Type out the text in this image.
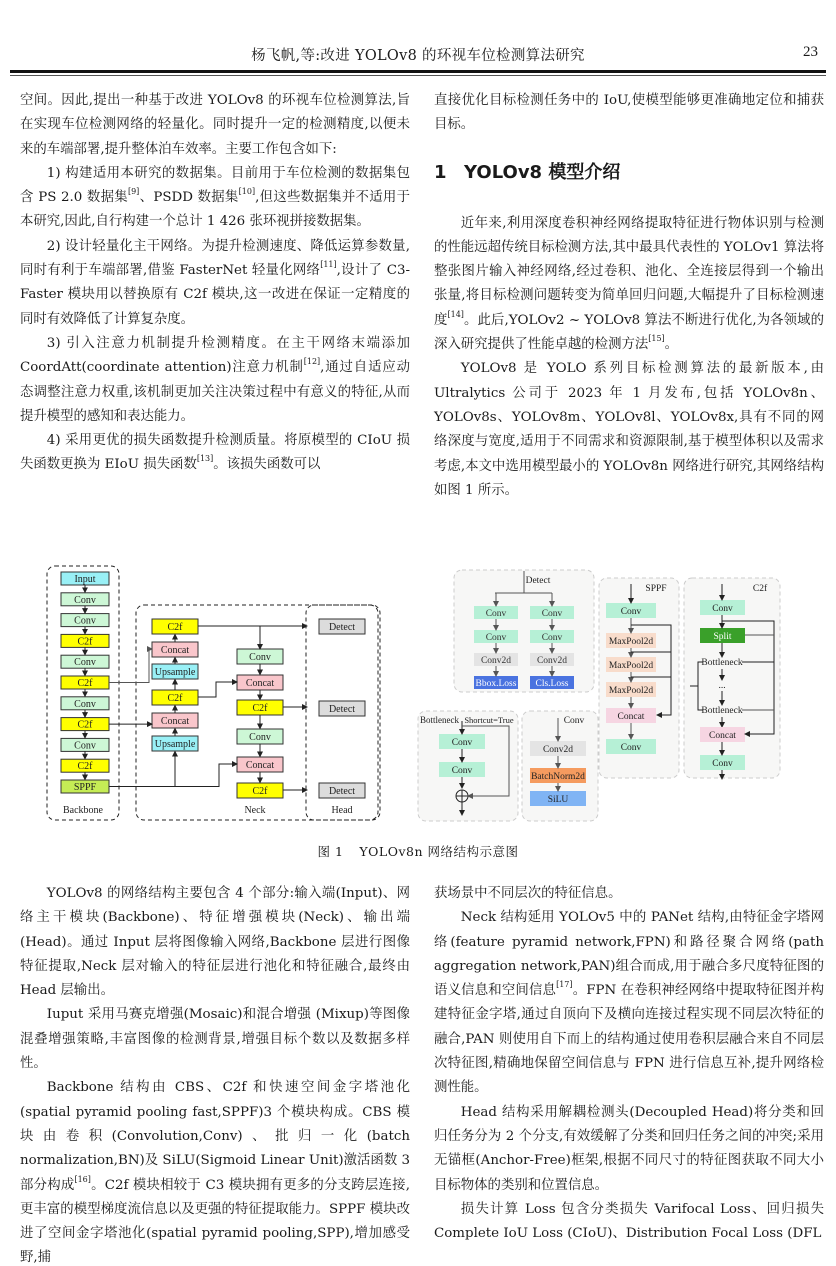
杨飞帆,等:改进 YOLOv8 的环视车位检测算法研究	23

空间。因此,提出一种基于改进 YOLOv8 的环视车位检测算法,旨在实现车位检测网络的轻量化。同时提升一定的检测精度,以便未来的车端部署,提升整体泊车效率。主要工作包含如下:

1) 构建适用本研究的数据集。目前用于车位检测的数据集包含 PS 2.0 数据集[9]、PSDD 数据集[10],但这些数据集并不适用于本研究,因此,自行构建一个总计 1 426 张环视拼接数据集。

2) 设计轻量化主干网络。为提升检测速度、降低运算参数量,同时有利于车端部署,借鉴 FasterNet 轻量化网络[11],设计了 C3-Faster 模块用以替换原有 C2f 模块,这一改进在保证一定精度的同时有效降低了计算复杂度。

3) 引入注意力机制提升检测精度。在主干网络末端添加 CoordAtt(coordinate attention)注意力机制[12],通过自适应动态调整注意力权重,该机制更加关注决策过程中有意义的特征,从而提升模型的感知和表达能力。

4) 采用更优的损失函数提升检测质量。将原模型的 CIoU 损失函数更换为 EIoU 损失函数[13]。该损失函数可以

直接优化目标检测任务中的 IoU,使模型能够更准确地定位和捕获目标。

1 YOLOv8 模型介绍

近年来,利用深度卷积神经网络提取特征进行物体识别与检测的性能远超传统目标检测方法,其中最具代表性的 YOLOv1 算法将整张图片输入神经网络,经过卷积、池化、全连接层得到一个输出张量,将目标检测问题转变为简单回归问题,大幅提升了目标检测速度[14]。此后,YOLOv2 ~ YOLOv8 算法不断进行优化,为各领域的深入研究提供了性能卓越的检测方法[15]。

YOLOv8 是 YOLO 系列目标检测算法的最新版本,由 Ultralytics 公司于 2023 年 1 月发布,包括 YOLOv8n、YOLOv8s、YOLOv8m、YOLOv8l、YOLOv8x,具有不同的网络深度与宽度,适用于不同需求和资源限制,基于模型体积以及需求考虑,本文中选用模型最小的 YOLOv8n 网络进行研究,其网络结构如图 1 所示。

Input
Conv
Conv
C2f
Conv
C2f
Conv
C2f
Conv
C2f
SPPF
Backbone	Neck
C2f
Concat
Upsample
C2f
Concat
Upsample
Conv
Concat
C2f
Conv
Concat
C2f
Detect
Detect
Detect
Head
Detect
Conv
Conv
Conv2d
Bbox.Loss
Conv
Conv
Conv2d
Cls.Loss
SPPF
Conv
MaxPool2d
MaxPool2d
MaxPool2d
Concat
Conv
C2f
Conv
Split
Bottleneck
...
Bottleneck
Concat
Conv
Bottleneck Shortcut=True
Conv
Conv
Conv
Conv2d
BatchNorm2d
SiLU
图 1 YOLOv8n 网络结构示意图

YOLOv8 的网络结构主要包含 4 个部分:输入端(Input)、网络主干模块(Backbone)、特征增强模块(Neck)、输出端(Head)。通过 Input 层将图像输入网络,Backbone 层进行图像特征提取,Neck 层对输入的特征层进行池化和特征融合,最终由 Head 层输出。

Iuput 采用马赛克增强(Mosaic)和混合增强 (Mixup)等图像混叠增强策略,丰富图像的检测背景,增强目标个数以及数据多样性。

Backbone 结构由 CBS、C2f 和快速空间金字塔池化(spatial pyramid pooling fast,SPPF)3 个模块构成。CBS 模块由卷积(Convolution,Conv)、批归一化(batch normalization,BN)及 SiLU(Sigmoid Linear Unit)激活函数 3 部分构成[16]。C2f 模块相较于 C3 模块拥有更多的分支跨层连接,更丰富的模型梯度流信息以及更强的特征提取能力。SPPF 模块改进了空间金字塔池化(spatial pyramid pooling,SPP),增加感受野,捕

获场景中不同层次的特征信息。

Neck 结构延用 YOLOv5 中的 PANet 结构,由特征金字塔网络(feature pyramid network,FPN)和路径聚合网络(path aggregation network,PAN)组合而成,用于融合多尺度特征图的语义信息和空间信息[17]。FPN 在卷积神经网络中提取特征图并构建特征金字塔,通过自顶向下及横向连接过程实现不同层次特征的融合,PAN 则使用自下而上的结构通过使用卷积层融合来自不同层次特征图,精确地保留空间信息与 FPN 进行信息互补,提升网络检测性能。

Head 结构采用解耦检测头(Decoupled Head)将分类和回归任务分为 2 个分支,有效缓解了分类和回归任务之间的冲突;采用无锚框(Anchor-Free)框架,根据不同尺寸的特征图获取不同大小目标物体的类别和位置信息。

损失计算 Loss 包含分类损失 Varifocal Loss、回归损失 Complete IoU Loss (CIoU)、Distribution Focal Loss (DFL
